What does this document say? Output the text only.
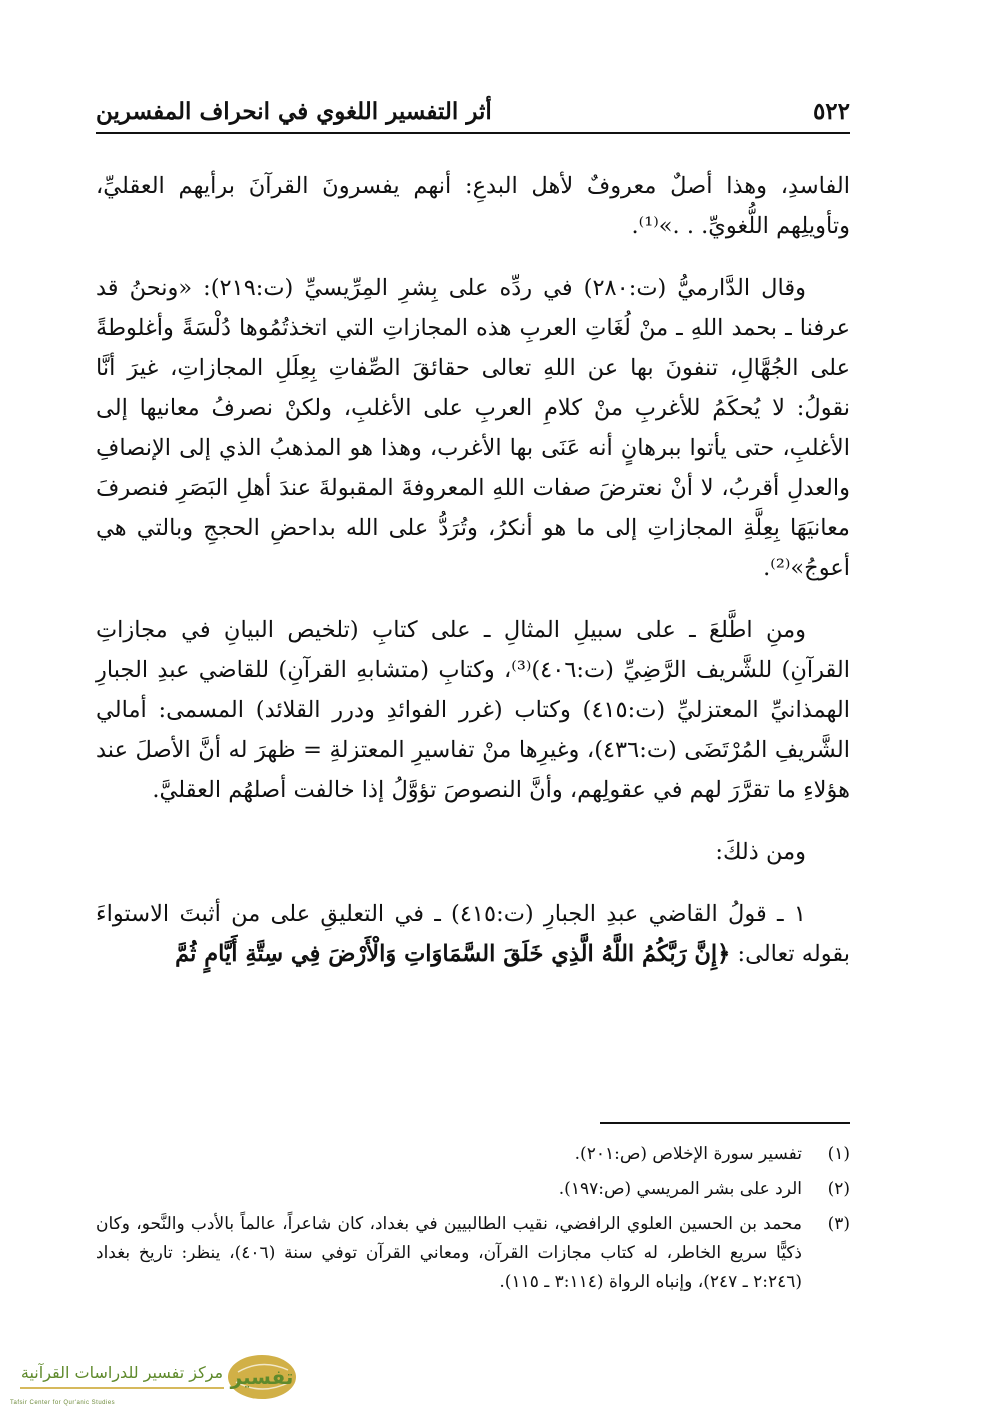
٥٢٢
أثر التفسير اللغوي في انحراف المفسرين

الفاسدِ، وهذا أصلٌ معروفٌ لأهل البدعِ: أنهم يفسرونَ القرآنَ برأيهم العقليِّ، وتأويلِهم اللُّغويِّ. . .»⁽¹⁾.

وقال الدَّارميُّ (ت:٢٨٠) في ردِّه على بِشرِ المِرِّيسيِّ (ت:٢١٩): «ونحنُ قد عرفنا ـ بحمد اللهِ ـ منْ لُغَاتِ العربِ هذه المجازاتِ التي اتخذتُمُوها دُلْسَةً وأغلوطةً على الجُهَّالِ، تنفونَ بها عن اللهِ تعالى حقائقَ الصِّفاتِ بِعِلَلِ المجازاتِ، غيرَ أنَّا نقولُ: لا يُحكَمُ للأغربِ منْ كلامِ العربِ على الأغلبِ، ولكنْ نصرفُ معانيها إلى الأغلبِ، حتى يأتوا ببرهانٍ أنه عَنَى بها الأغرب، وهذا هو المذهبُ الذي إلى الإنصافِ والعدلِ أقربُ، لا أنْ نعترضَ صفات اللهِ المعروفةَ المقبولةَ عندَ أهلِ البَصَرِ فنصرفَ معانيَهَا بِعِلَّةِ المجازاتِ إلى ما هو أنكرُ، وتُرَدُّ على الله بداحضِ الحججِ وبالتي هي أعوجُ»⁽²⁾.

ومنِ اطَّلعَ ـ على سبيلِ المثالِ ـ على كتابِ (تلخيص البيانِ في مجازاتِ القرآنِ) للشَّريف الرَّضِيِّ (ت:٤٠٦)⁽³⁾، وكتابِ (متشابهِ القرآنِ) للقاضي عبدِ الجبارِ الهمذانيِّ المعتزليِّ (ت:٤١٥) وكتاب (غرر الفوائدِ ودرر القلائد) المسمى: أمالي الشَّريفِ المُرْتَضَى (ت:٤٣٦)، وغيرِها منْ تفاسيرِ المعتزلةِ = ظهرَ له أنَّ الأصلَ عند هؤلاءِ ما تقرَّرَ لهم في عقولِهم، وأنَّ النصوصَ تؤوَّلُ إذا خالفت أصلهُم العقليَّ.

ومن ذلكَ:

١ ـ قولُ القاضي عبدِ الجبارِ (ت:٤١٥) ـ في التعليقِ على من أثبتَ الاستواءَ بقوله تعالى: ﴿إِنَّ رَبَّكُمُ اللَّهُ الَّذِي خَلَقَ السَّمَاوَاتِ وَالْأَرْضَ فِي سِتَّةِ أَيَّامٍ ثُمَّ

(١)
تفسير سورة الإخلاص (ص:٢٠١).
(٢)
الرد على بشر المريسي (ص:١٩٧).
(٣)
محمد بن الحسين العلوي الرافضي، نقيب الطالبيين في بغداد، كان شاعراً، عالماً بالأدب والنَّحو، وكان ذكيًّا سريع الخاطر، له كتاب مجازات القرآن، ومعاني القرآن توفي سنة (٤٠٦)، ينظر: تاريخ بغداد (٢:٢٤٦ ـ ٢٤٧)، وإنباه الرواة (٣:١١٤ ـ ١١٥).
تفسير
مركز تفسير للدراسات القرآنية
Tafsir Center for Qur'anic Studies
